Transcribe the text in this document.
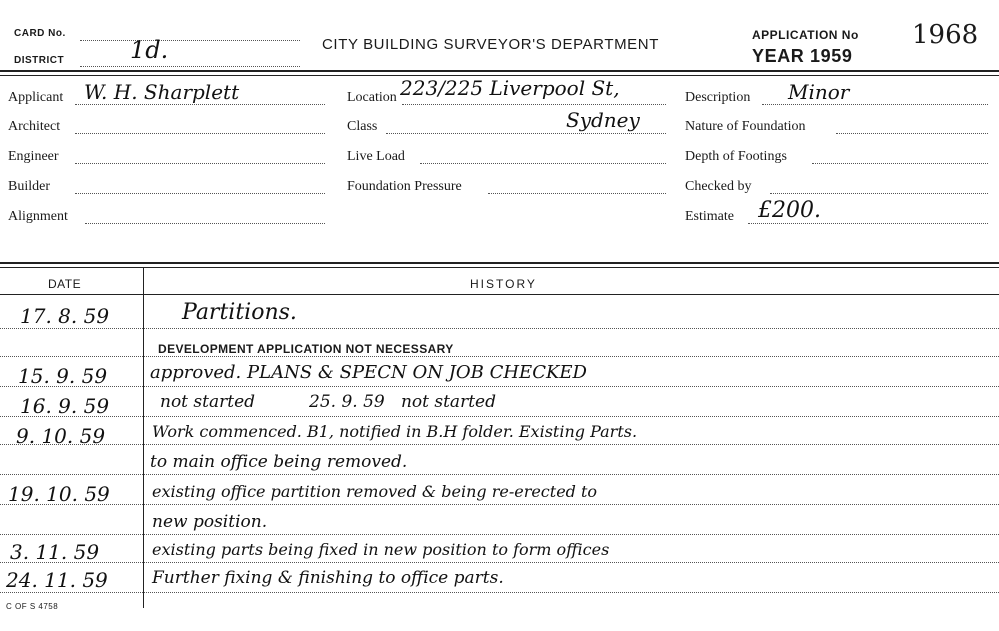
CARD No.
DISTRICT	1d.	CITY BUILDING SURVEYOR'S DEPARTMENT
APPLICATION No 1968
YEAR 1959
Applicant W. H. Sharplett
Architect
Engineer
Builder
Alignment
Location 223/225 Liverpool St,
Sydney
Class
Live Load
Foundation Pressure
Description Minor
Nature of Foundation
Depth of Footings
Checked by
Estimate £200.
DATE	HISTORY
17. 8. 59	Partitions.
DEVELOPMENT APPLICATION NOT NECESSARY
15. 9. 59 approved. PLANS & SPECN ON JOB CHECKED
16. 9. 59	not started          25. 9. 59   not started
9. 10. 59	Work commenced. B1, notified in B.H folder. Existing Parts.
to main office being removed.
19. 10. 59	existing office partition removed & being re-erected to
new position.
3. 11. 59	existing parts being fixed in new position to form offices
24. 11. 59	Further fixing & finishing to office parts.
C OF S 4758
